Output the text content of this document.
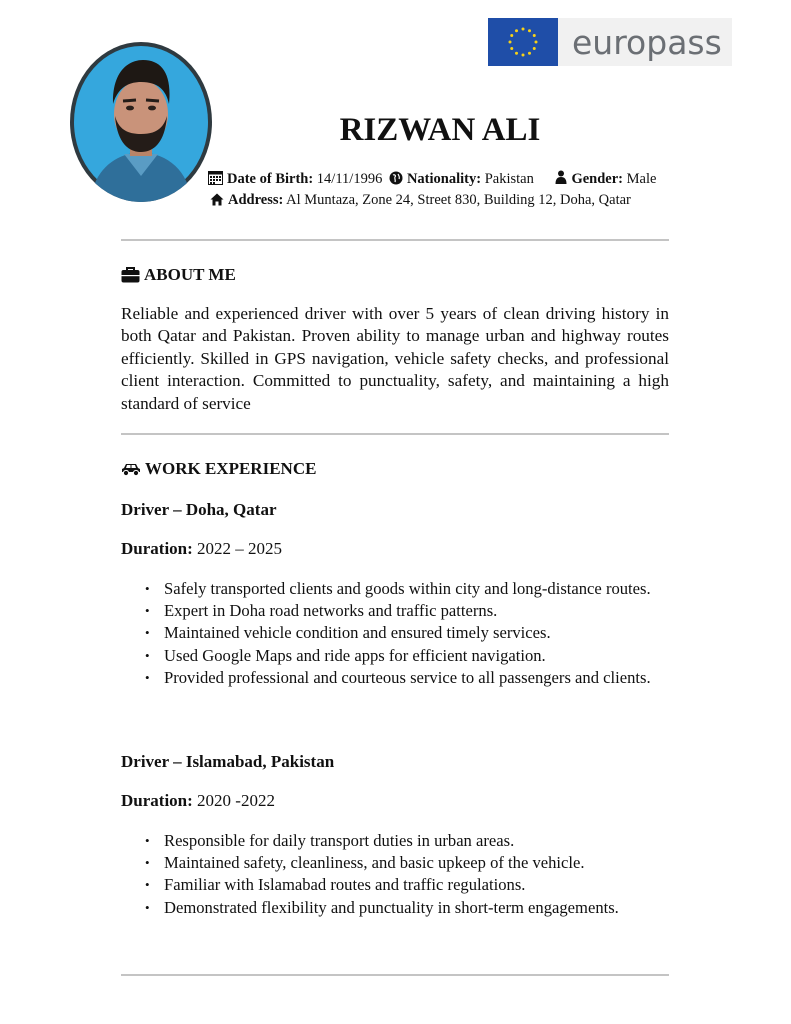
europass
RIZWAN ALI
Date of Birth: 14/11/1996 Nationality: Pakistan	Gender: Male
Address: Al Muntaza, Zone 24, Street 830, Building 12, Doha, Qatar
ABOUT ME
Reliable and experienced driver with over 5 years of clean driving history in both Qatar and Pakistan. Proven ability to manage urban and highway routes efficiently. Skilled in GPS navigation, vehicle safety checks, and professional client interaction. Committed to punctuality, safety, and maintaining a high standard of service
WORK EXPERIENCE
Driver – Doha, Qatar
Duration: 2022 – 2025
• Safely transported clients and goods within city and long-distance routes.
• Expert in Doha road networks and traffic patterns.
• Maintained vehicle condition and ensured timely services.
• Used Google Maps and ride apps for efficient navigation.
• Provided professional and courteous service to all passengers and clients.
Driver – Islamabad, Pakistan
Duration: 2020 -2022
• Responsible for daily transport duties in urban areas.
• Maintained safety, cleanliness, and basic upkeep of the vehicle.
• Familiar with Islamabad routes and traffic regulations.
• Demonstrated flexibility and punctuality in short-term engagements.
